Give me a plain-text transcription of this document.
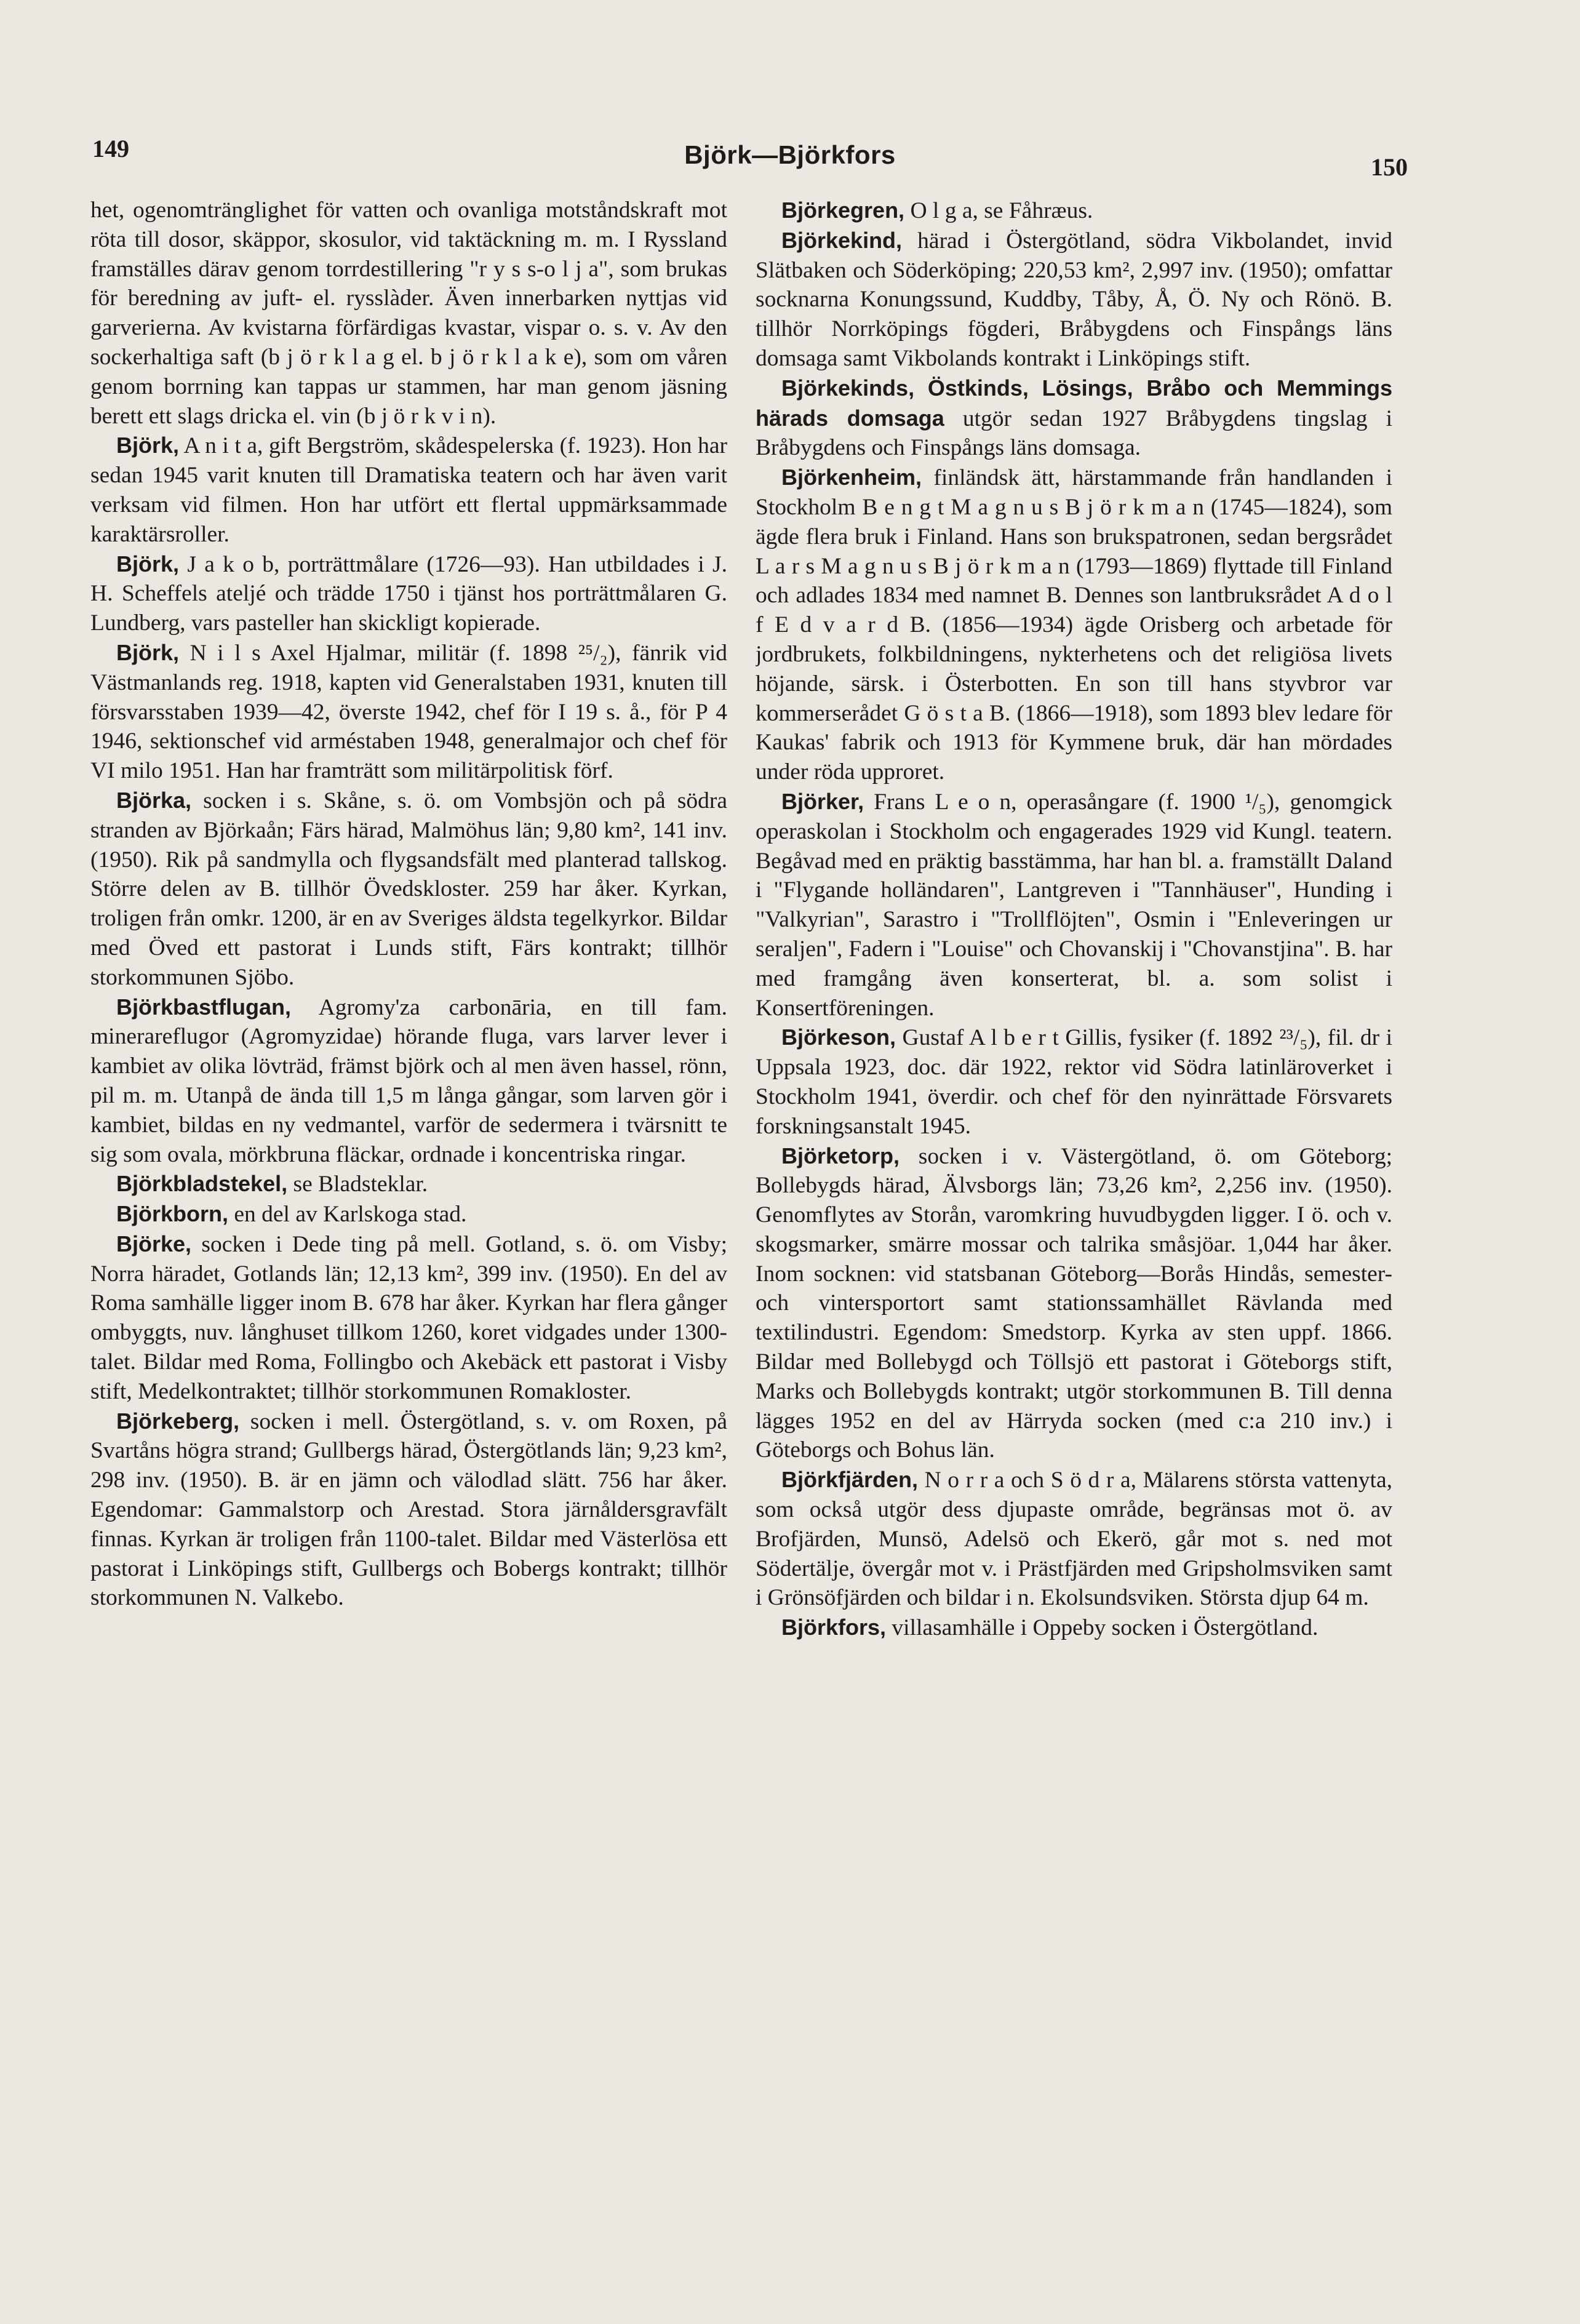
149	Björk—Björkfors	150

het, ogenomtränglighet för vatten och ovanliga motståndskraft mot röta till dosor, skäppor, skosulor, vid taktäckning m. m. I Ryssland framställes därav genom torrdestillering "r y s s-o l j a", som brukas för beredning av juft- el. rysslàder. Även innerbarken nyttjas vid garverierna. Av kvistarna förfärdigas kvastar, vispar o. s. v. Av den sockerhaltiga saft (b j ö r k l a g el. b j ö r k l a k e), som om våren genom borrning kan tappas ur stammen, har man genom jäsning berett ett slags dricka el. vin (b j ö r k v i n).

Björk, A n i t a, gift Bergström, skådespelerska (f. 1923). Hon har sedan 1945 varit knuten till Dramatiska teatern och har även varit verksam vid filmen. Hon har utfört ett flertal uppmärksammade karaktärsroller.

Björk, J a k o b, porträttmålare (1726—93). Han utbildades i J. H. Scheffels ateljé och trädde 1750 i tjänst hos porträttmålaren G. Lundberg, vars pasteller han skickligt kopierade.

Björk, N i l s Axel Hjalmar, militär (f. 1898 ²⁵/₂), fänrik vid Västmanlands reg. 1918, kapten vid Generalstaben 1931, knuten till försvarsstaben 1939—42, överste 1942, chef för I 19 s. å., för P 4 1946, sektionschef vid arméstaben 1948, generalmajor och chef för VI milo 1951. Han har framträtt som militärpolitisk förf.

Björka, socken i s. Skåne, s. ö. om Vombsjön och på södra stranden av Björkaån; Färs härad, Malmöhus län; 9,80 km², 141 inv. (1950). Rik på sandmylla och flygsandsfält med planterad tallskog. Större delen av B. tillhör Övedskloster. 259 har åker. Kyrkan, troligen från omkr. 1200, är en av Sveriges äldsta tegelkyrkor. Bildar med Öved ett pastorat i Lunds stift, Färs kontrakt; tillhör storkommunen Sjöbo.

Björkbastflugan, Agromy'za carbonāria, en till fam. minerareflugor (Agromyzidae) hörande fluga, vars larver lever i kambiet av olika lövträd, främst björk och al men även hassel, rönn, pil m. m. Utanpå de ända till 1,5 m långa gångar, som larven gör i kambiet, bildas en ny vedmantel, varför de sedermera i tvärsnitt te sig som ovala, mörkbruna fläckar, ordnade i koncentriska ringar.

Björkbladstekel, se Bladsteklar.

Björkborn, en del av Karlskoga stad.

Björke, socken i Dede ting på mell. Gotland, s. ö. om Visby; Norra häradet, Gotlands län; 12,13 km², 399 inv. (1950). En del av Roma samhälle ligger inom B. 678 har åker. Kyrkan har flera gånger ombyggts, nuv. långhuset tillkom 1260, koret vidgades under 1300-talet. Bildar med Roma, Follingbo och Akebäck ett pastorat i Visby stift, Medelkontraktet; tillhör storkommunen Romakloster.

Björkeberg, socken i mell. Östergötland, s. v. om Roxen, på Svartåns högra strand; Gullbergs härad, Östergötlands län; 9,23 km², 298 inv. (1950). B. är en jämn och välodlad slätt. 756 har åker. Egendomar: Gammalstorp och Arestad. Stora järnåldersgravfält finnas. Kyrkan är troligen från 1100-talet. Bildar med Västerlösa ett pastorat i Linköpings stift, Gullbergs och Bobergs kontrakt; tillhör storkommunen N. Valkebo.

Björkegren, O l g a, se Fåhræus.

Björkekind, härad i Östergötland, södra Vikbolandet, invid Slätbaken och Söderköping; 220,53 km², 2,997 inv. (1950); omfattar socknarna Konungssund, Kuddby, Tåby, Å, Ö. Ny och Rönö. B. tillhör Norrköpings fögderi, Bråbygdens och Finspångs läns domsaga samt Vikbolands kontrakt i Linköpings stift.

Björkekinds, Östkinds, Lösings, Bråbo och Memmings härads domsaga utgör sedan 1927 Bråbygdens tingslag i Bråbygdens och Finspångs läns domsaga.

Björkenheim, finländsk ätt, härstammande från handlanden i Stockholm B e n g t M a g n u s B j ö r k m a n (1745—1824), som ägde flera bruk i Finland. Hans son brukspatronen, sedan bergsrådet L a r s M a g n u s B j ö r k m a n (1793—1869) flyttade till Finland och adlades 1834 med namnet B. Dennes son lantbruksrådet A d o l f E d v a r d B. (1856—1934) ägde Orisberg och arbetade för jordbrukets, folkbildningens, nykterhetens och det religiösa livets höjande, särsk. i Österbotten. En son till hans styvbror var kommerserådet G ö s t a B. (1866—1918), som 1893 blev ledare för Kaukas' fabrik och 1913 för Kymmene bruk, där han mördades under röda upproret.

Björker, Frans L e o n, operasångare (f. 1900 ¹/₅), genomgick operaskolan i Stockholm och engagerades 1929 vid Kungl. teatern. Begåvad med en präktig basstämma, har han bl. a. framställt Daland i "Flygande holländaren", Lantgreven i "Tannhäuser", Hunding i "Valkyrian", Sarastro i "Trollflöjten", Osmin i "Enleveringen ur seraljen", Fadern i "Louise" och Chovanskij i "Chovanstjina". B. har med framgång även konserterat, bl. a. som solist i Konsertföreningen.

Björkeson, Gustaf A l b e r t Gillis, fysiker (f. 1892 ²³/₅), fil. dr i Uppsala 1923, doc. där 1922, rektor vid Södra latinläroverket i Stockholm 1941, överdir. och chef för den nyinrättade Försvarets forskningsanstalt 1945.

Björketorp, socken i v. Västergötland, ö. om Göteborg; Bollebygds härad, Älvsborgs län; 73,26 km², 2,256 inv. (1950). Genomflytes av Storån, varomkring huvudbygden ligger. I ö. och v. skogsmarker, smärre mossar och talrika småsjöar. 1,044 har åker. Inom socknen: vid statsbanan Göteborg—Borås Hindås, semester- och vintersportort samt stationssamhället Rävlanda med textilindustri. Egendom: Smedstorp. Kyrka av sten uppf. 1866. Bildar med Bollebygd och Töllsjö ett pastorat i Göteborgs stift, Marks och Bollebygds kontrakt; utgör storkommunen B. Till denna lägges 1952 en del av Härryda socken (med c:a 210 inv.) i Göteborgs och Bohus län.

Björkfjärden, N o r r a och S ö d r a, Mälarens största vattenyta, som också utgör dess djupaste område, begränsas mot ö. av Brofjärden, Munsö, Adelsö och Ekerö, går mot s. ned mot Södertälje, övergår mot v. i Prästfjärden med Gripsholmsviken samt i Grönsöfjärden och bildar i n. Ekolsundsviken. Största djup 64 m.

Björkfors, villasamhälle i Oppeby socken i Östergötland.
